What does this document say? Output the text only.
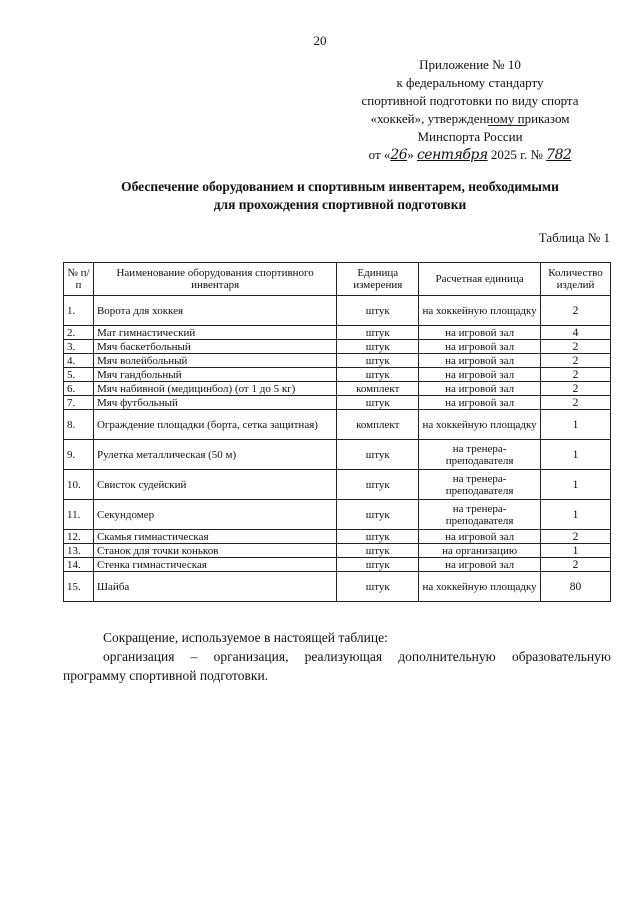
20
Приложение № 10
к федеральному стандарту
спортивной подготовки по виду спорта
«хоккей», утвержденному приказом
Минспорта России
от «26» сентября 2025 г. № 782
Обеспечение оборудованием и спортивным инвентарем, необходимыми
для прохождения спортивной подготовки
Таблица № 1
№ п/п	Наименование оборудования спортивного инвентаря	Единица измерения	Расчетная единица	Количество изделий
1.	Ворота для хоккея	штук	на хоккейную площадку	2
2.	Мат гимнастический	штук	на игровой зал	4
3.	Мяч баскетбольный	штук	на игровой зал	2
4.	Мяч волейбольный	штук	на игровой зал	2
5.	Мяч гандбольный	штук	на игровой зал	2
6.	Мяч набивной (медицинбол) (от 1 до 5 кг)	комплект	на игровой зал	2
7.	Мяч футбольный	штук	на игровой зал	2
8.	Ограждение площадки (борта, сетка защитная)	комплект	на хоккейную площадку	1
9.	Рулетка металлическая (50 м)	штук	на тренера-преподавателя	1
10.	Свисток судейский	штук	на тренера-преподавателя	1
11.	Секундомер	штук	на тренера-преподавателя	1
12.	Скамья гимнастическая	штук	на игровой зал	2
13.	Станок для точки коньков	штук	на организацию	1
14.	Стенка гимнастическая	штук	на игровой зал	2
15.	Шайба	штук	на хоккейную площадку	80

Сокращение, используемое в настоящей таблице:

организация – организация, реализующая дополнительную образовательную программу спортивной подготовки.
